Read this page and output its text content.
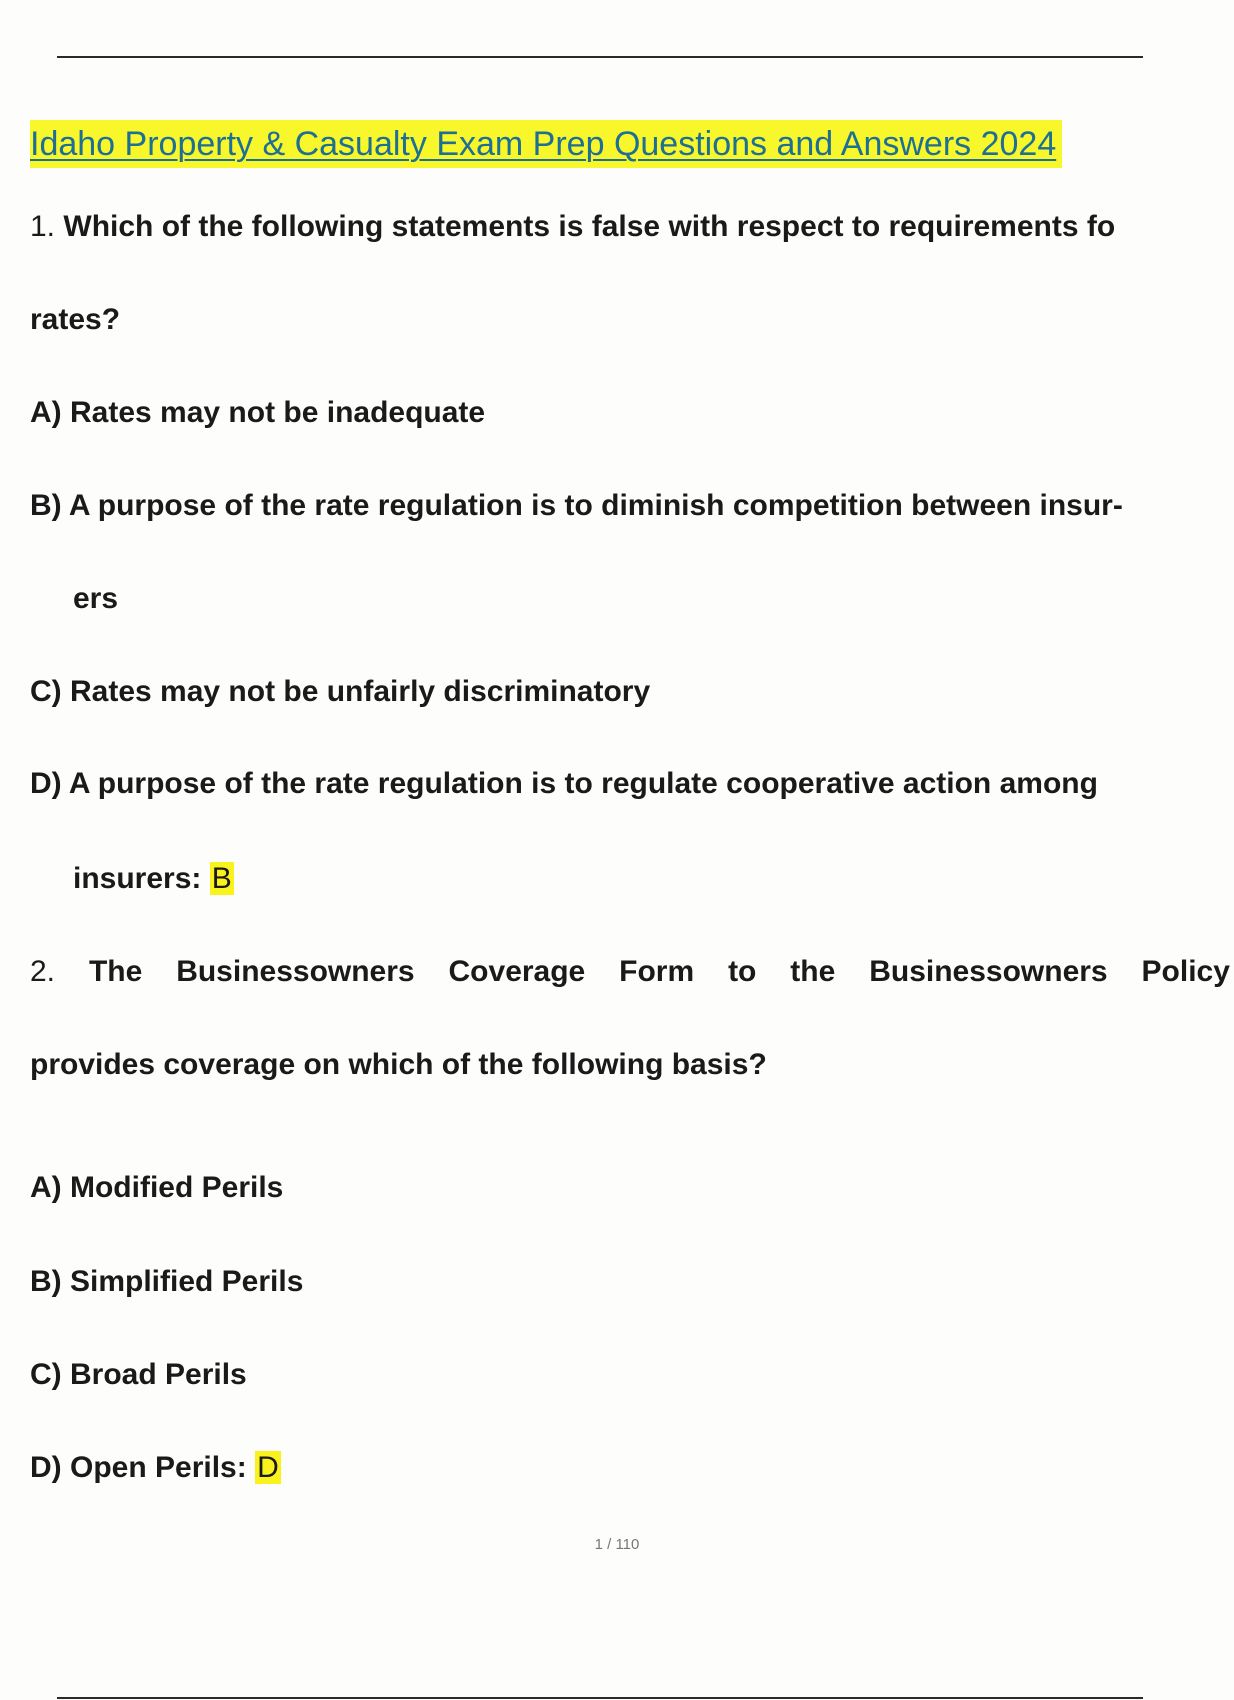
Idaho Property & Casualty Exam Prep Questions and Answers 2024
1. Which of the following statements is false with respect to requirements fo
rates?
A) Rates may not be inadequate
B) A purpose of the rate regulation is to diminish competition between insur-
ers
C) Rates may not be unfairly discriminatory
D) A purpose of the rate regulation is to regulate cooperative action among
insurers: B
2. The Businessowners Coverage Form to the Businessowners Policy
provides coverage on which of the following basis?
A) Modified Perils
B) Simplified Perils
C) Broad Perils
D) Open Perils: D
1 / 110
